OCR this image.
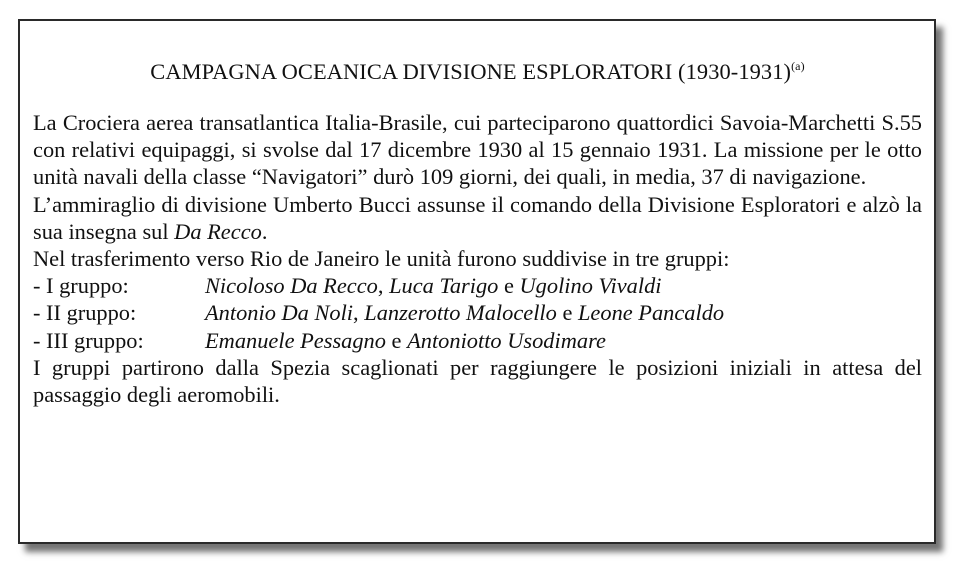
CAMPAGNA OCEANICA DIVISIONE ESPLORATORI (1930-1931)$^{(a)}$

La Crociera aerea transatlantica Italia-Brasile, cui parteciparono quattordici Savoia-Marchetti S.55 con relativi equipaggi, si svolse dal 17 dicembre 1930 al 15 gennaio 1931. La missione per le otto unità navali della classe “Navigatori” durò 109 giorni, dei quali, in media, 37 di navigazione.

L’ammiraglio di divisione Umberto Bucci assunse il comando della Divisione Esploratori e alzò la sua insegna sul Da Recco.

Nel trasferimento verso Rio de Janeiro le unità furono suddivise in tre gruppi:

- I gruppo:	Nicoloso Da Recco, Luca Tarigo e Ugolino Vivaldi
- II gruppo:	Antonio Da Noli, Lanzerotto Malocello e Leone Pancaldo
- III gruppo:	Emanuele Pessagno e Antoniotto Usodimare

I gruppi partirono dalla Spezia scaglionati per raggiungere le posizioni iniziali in attesa del passaggio degli aeromobili.
